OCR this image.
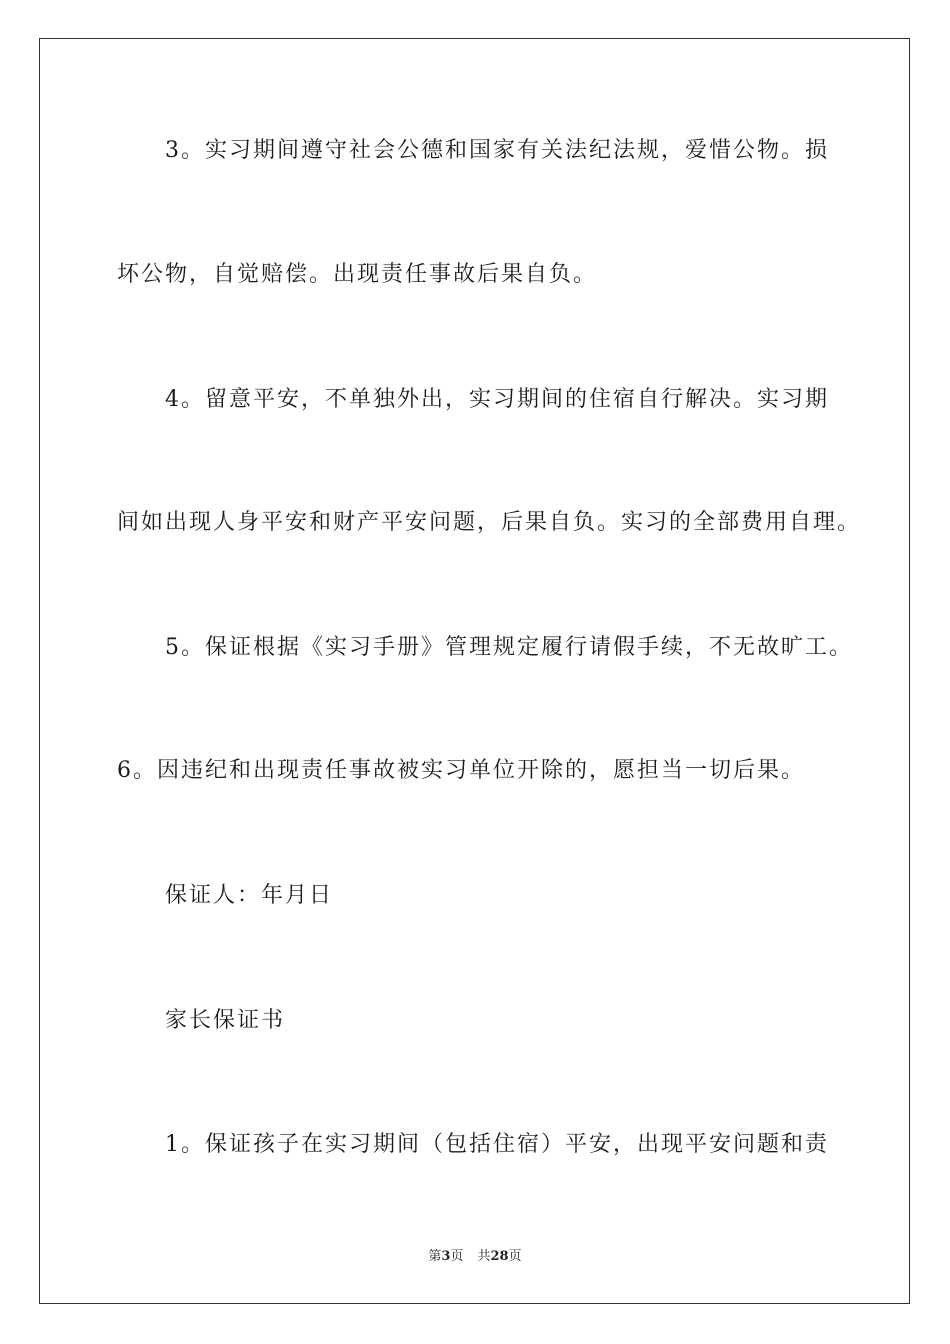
3。实习期间遵守社会公德和国家有关法纪法规，爱惜公物。损
坏公物，自觉赔偿。出现责任事故后果自负。
4。留意平安，不单独外出，实习期间的住宿自行解决。实习期
间如出现人身平安和财产平安问题，后果自负。实习的全部费用自理。
5。保证根据《实习手册》管理规定履行请假手续，不无故旷工。
6。因违纪和出现责任事故被实习单位开除的，愿担当一切后果。
保证人：年月日
家长保证书
1。保证孩子在实习期间（包括住宿）平安，出现平安问题和责
第3页 共28页
